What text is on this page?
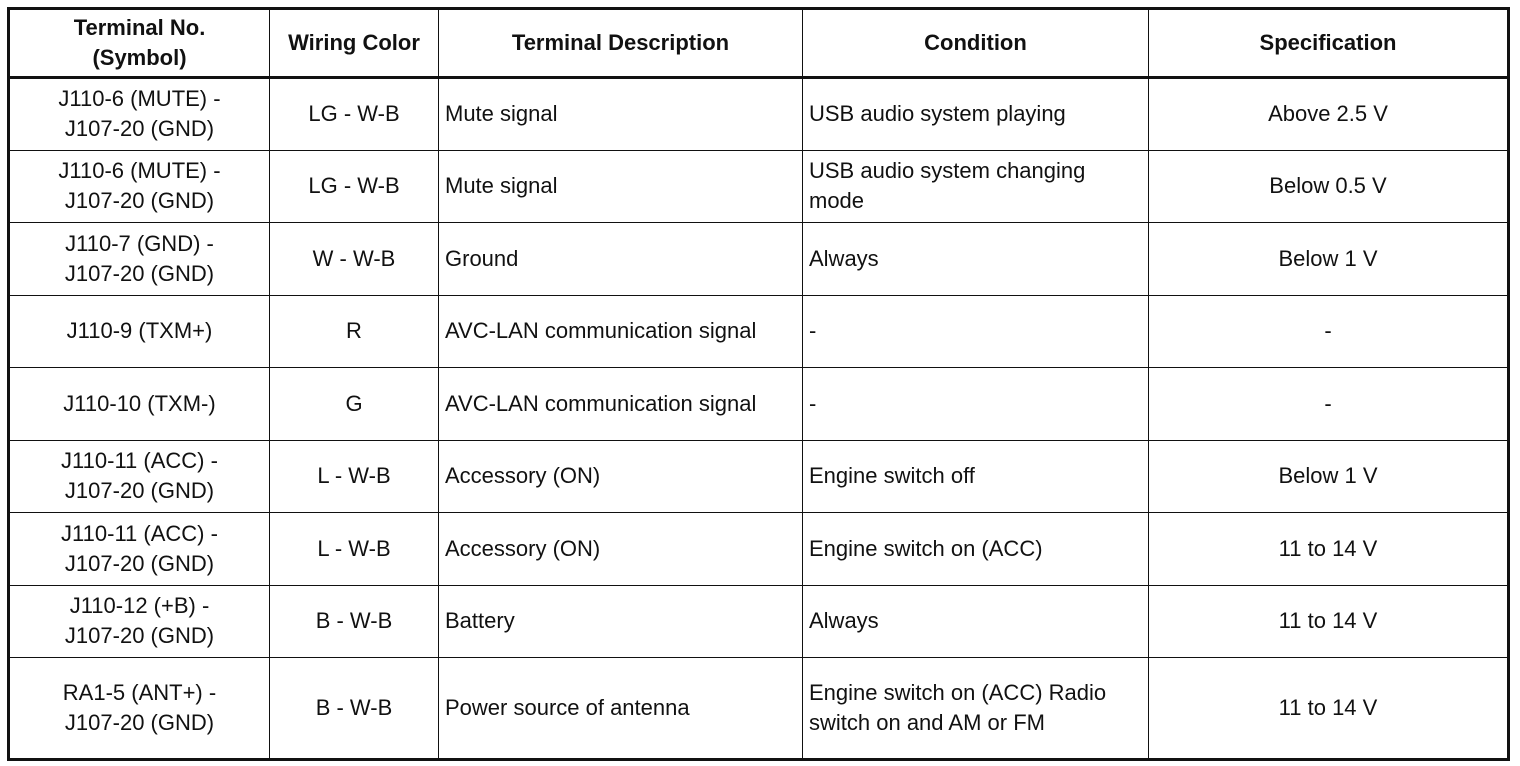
Terminal No.
(Symbol)	Wiring Color	Terminal Description	Condition	Specification
J110-6 (MUTE) -
J107-20 (GND)	LG - W-B	Mute signal	USB audio system playing	Above 2.5 V
J110-6 (MUTE) -
J107-20 (GND)	LG - W-B	Mute signal	USB audio system changing mode	Below 0.5 V
J110-7 (GND) -
J107-20 (GND)	W - W-B	Ground	Always	Below 1 V
J110-9 (TXM+)	R	AVC-LAN communication signal	-	-
J110-10 (TXM-)	G	AVC-LAN communication signal	-	-
J110-11 (ACC) -
J107-20 (GND)	L - W-B	Accessory (ON)	Engine switch off	Below 1 V
J110-11 (ACC) -
J107-20 (GND)	L - W-B	Accessory (ON)	Engine switch on (ACC)	11 to 14 V
J110-12 (+B) -
J107-20 (GND)	B - W-B	Battery	Always	11 to 14 V
RA1-5 (ANT+) -
J107-20 (GND)	B - W-B	Power source of antenna	Engine switch on (ACC) Radio switch on and AM or FM	11 to 14 V
